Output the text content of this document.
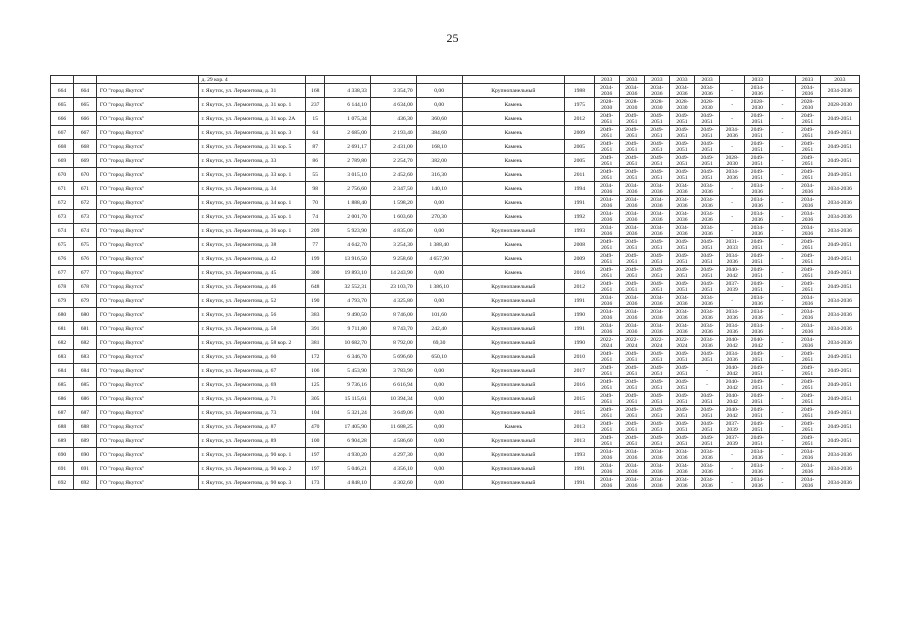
25
			д. 29 кор. 4							2033	2033	2033	2033	2033		2033		2033	2033
664	664	ГО "город Якутск"	г. Якутск, ул. Лермонтова, д. 31	168	4 338,33	3 354,70	0,00	Крупнопанельный	1988	2034-2036	2034-2036	2034-2036	2034-2036	2034-2036	-	2034-2036	-	2034-2036	2034-2036
665	665	ГО "город Якутск"	г. Якутск, ул. Лермонтова, д. 31 кор. 1	237	6 144,10	4 634,00	0,00	Камень	1975	2028-2030	2028-2030	2028-2030	2028-2030	2028-2030	-	2028-2030	-	2028-2030	2028-2030
666	666	ГО "город Якутск"	г. Якутск, ул. Лермонтова, д. 31 кор. 2А	15	1 075,34	436,30	360,60	Камень	2012	2049-2051	2049-2051	2049-2051	2049-2051	2049-2051	-	2049-2051	-	2049-2051	2049-2051
667	667	ГО "город Якутск"	г. Якутск, ул. Лермонтова, д. 31 кор. 3	64	2 685,00	2 193,40	384,60	Камень	2009	2049-2051	2049-2051	2049-2051	2049-2051	2049-2051	2034-2036	2049-2051	-	2049-2051	2049-2051
668	668	ГО "город Якутск"	г. Якутск, ул. Лермонтова, д. 31 кор. 5	87	2 691,17	2 431,00	168,10	Камень	2005	2049-2051	2049-2051	2049-2051	2049-2051	2049-2051	-	2049-2051	-	2049-2051	2049-2051
669	669	ГО "город Якутск"	г. Якутск, ул. Лермонтова, д. 33	86	2 789,80	2 254,70	382,00	Камень	2005	2049-2051	2049-2051	2049-2051	2049-2051	2049-2051	2028-2030	2049-2051	-	2049-2051	2049-2051
670	670	ГО "город Якутск"	г. Якутск, ул. Лермонтова, д. 33 кор. 1	55	3 015,10	2 452,60	316,30	Камень	2011	2049-2051	2049-2051	2049-2051	2049-2051	2049-2051	2034-2036	2049-2051	-	2049-2051	2049-2051
671	671	ГО "город Якутск"	г. Якутск, ул. Лермонтова, д. 34	98	2 756,60	2 347,50	140,10	Камень	1994	2034-2036	2034-2036	2034-2036	2034-2036	2034-2036	-	2034-2036	-	2034-2036	2034-2036
672	672	ГО "город Якутск"	г. Якутск, ул. Лермонтова, д. 34 кор. 1	70	1 888,40	1 598,20	0,00	Камень	1991	2034-2036	2034-2036	2034-2036	2034-2036	2034-2036	-	2034-2036	-	2034-2036	2034-2036
673	673	ГО "город Якутск"	г. Якутск, ул. Лермонтова, д. 35 кор. 1	74	2 001,70	1 603,60	270,30	Камень	1992	2034-2036	2034-2036	2034-2036	2034-2036	2034-2036	-	2034-2036	-	2034-2036	2034-2036
674	674	ГО "город Якутск"	г. Якутск, ул. Лермонтова, д. 36 кор. 1	209	5 923,90	4 835,00	0,00	Крупнопанельный	1993	2034-2036	2034-2036	2034-2036	2034-2036	2034-2036	-	2034-2036	-	2034-2036	2034-2036
675	675	ГО "город Якутск"	г. Якутск, ул. Лермонтова, д. 38	77	4 642,70	3 254,30	1 388,40	Камень	2008	2049-2051	2049-2051	2049-2051	2049-2051	2049-2051	2031-2033	2049-2051	-	2049-2051	2049-2051
676	676	ГО "город Якутск"	г. Якутск, ул. Лермонтова, д. 42	199	13 916,50	9 258,60	4 657,90	Камень	2009	2049-2051	2049-2051	2049-2051	2049-2051	2049-2051	2034-2036	2049-2051	-	2049-2051	2049-2051
677	677	ГО "город Якутск"	г. Якутск, ул. Лермонтова, д. 45	300	19 893,10	14 243,90	0,00	Камень	2016	2049-2051	2049-2051	2049-2051	2049-2051	2049-2051	2040-2042	2049-2051	-	2049-2051	2049-2051
678	678	ГО "город Якутск"	г. Якутск, ул. Лермонтова, д. 46	648	32 552,31	23 103,70	1 386,10	Крупнопанельный	2012	2049-2051	2049-2051	2049-2051	2049-2051	2049-2051	2037-2039	2049-2051	-	2049-2051	2049-2051
679	679	ГО "город Якутск"	г. Якутск, ул. Лермонтова, д. 52	190	4 793,70	4 325,80	0,00	Крупнопанельный	1991	2034-2036	2034-2036	2034-2036	2034-2036	2034-2036	-	2034-2036	-	2034-2036	2034-2036
680	680	ГО "город Якутск"	г. Якутск, ул. Лермонтова, д. 56	383	9 490,50	8 746,00	101,60	Крупнопанельный	1990	2034-2036	2034-2036	2034-2036	2034-2036	2034-2036	2034-2036	2034-2036	-	2034-2036	2034-2036
681	681	ГО "город Якутск"	г. Якутск, ул. Лермонтова, д. 58	391	9 711,80	8 743,70	242,40	Крупнопанельный	1991	2034-2036	2034-2036	2034-2036	2034-2036	2034-2036	2034-2036	2034-2036	-	2034-2036	2034-2036
682	682	ГО "город Якутск"	г. Якутск, ул. Лермонтова, д. 58 кор. 2	381	10 682,70	8 792,00	69,30	Крупнопанельный	1990	2022-2024	2022-2024	2022-2024	2022-2024	2034-2036	2040-2042	2040-2042	-	2034-2036	2034-2036
683	683	ГО "город Якутск"	г. Якутск, ул. Лермонтова, д. 60	172	6 346,70	5 696,60	650,10	Крупнопанельный	2010	2049-2051	2049-2051	2049-2051	2049-2051	2049-2051	2034-2036	2049-2051	-	2049-2051	2049-2051
684	684	ГО "город Якутск"	г. Якутск, ул. Лермонтова, д. 67	106	5 453,90	3 783,90	0,00	Крупнопанельный	2017	2049-2051	2049-2051	2049-2051	2049-2051	-	2040-2042	2049-2051	-	2049-2051	2049-2051
685	685	ГО "город Якутск"	г. Якутск, ул. Лермонтова, д. 69	125	9 736,16	6 616,94	0,00	Крупнопанельный	2016	2049-2051	2049-2051	2049-2051	2049-2051	-	2040-2042	2049-2051	-	2049-2051	2049-2051
686	686	ГО "город Якутск"	г. Якутск, ул. Лермонтова, д. 71	305	15 115,61	10 394,34	0,00	Крупнопанельный	2015	2049-2051	2049-2051	2049-2051	2049-2051	2049-2051	2040-2042	2049-2051	-	2049-2051	2049-2051
687	687	ГО "город Якутск"	г. Якутск, ул. Лермонтова, д. 73	104	5 321,24	3 649,06	0,00	Крупнопанельный	2015	2049-2051	2049-2051	2049-2051	2049-2051	2049-2051	2040-2042	2049-2051	-	2049-2051	2049-2051
688	688	ГО "город Якутск"	г. Якутск, ул. Лермонтова, д. 87	470	17 405,90	11 688,25	0,00	Камень	2013	2049-2051	2049-2051	2049-2051	2049-2051	2049-2051	2037-2039	2049-2051	-	2049-2051	2049-2051
689	689	ГО "город Якутск"	г. Якутск, ул. Лермонтова, д. 89	100	6 904,28	4 586,60	0,00	Крупнопанельный	2013	2049-2051	2049-2051	2049-2051	2049-2051	2049-2051	2037-2039	2049-2051	-	2049-2051	2049-2051
690	690	ГО "город Якутск"	г. Якутск, ул. Лермонтова, д. 90 кор. 1	197	4 930,20	4 297,30	0,00	Крупнопанельный	1993	2034-2036	2034-2036	2034-2036	2034-2036	2034-2036	-	2034-2036	-	2034-2036	2034-2036
691	691	ГО "город Якутск"	г. Якутск, ул. Лермонтова, д. 90 кор. 2	197	5 046,21	4 356,10	0,00	Крупнопанельный	1991	2034-2036	2034-2036	2034-2036	2034-2036	2034-2036	-	2034-2036	-	2034-2036	2034-2036
692	692	ГО "город Якутск"	г. Якутск, ул. Лермонтова, д. 90 кор. 3	173	4 848,10	4 302,60	0,00	Крупнопанельный	1991	2034-2036	2034-2036	2034-2036	2034-2036	2034-2036	-	2034-2036	-	2034-2036	2034-2036
